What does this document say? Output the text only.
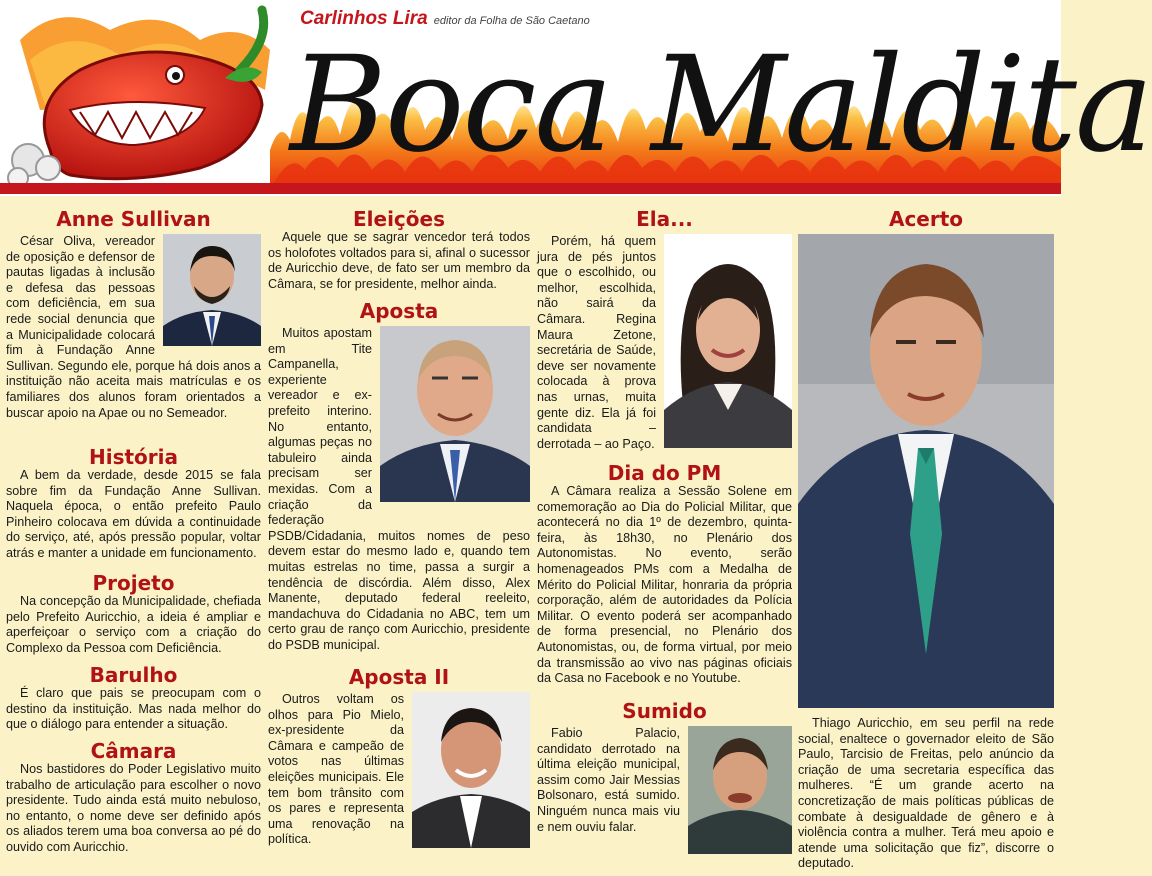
Carlinhos Lira editor da Folha de São Caetano
Boca Maldita
Anne Sullivan
César Oliva, vereador de oposição e defensor de pautas ligadas à inclusão e defesa das pessoas com deficiência, em sua rede social denuncia que a Municipalidade colocará fim à Fundação Anne Sullivan. Segundo ele, porque há dois anos a instituição não aceita mais matrículas e os familiares dos alunos foram orientados a buscar apoio na Apae ou no Semeador.
História
A bem da verdade, desde 2015 se fala sobre fim da Fundação Anne Sullivan. Naquela época, o então prefeito Paulo Pinheiro colocava em dúvida a continuidade do serviço, até, após pressão popular, voltar atrás e manter a unidade em funcionamento.
Projeto
Na concepção da Municipalidade, chefiada pelo Prefeito Auricchio, a ideia é ampliar e aperfeiçoar o serviço com a criação do Complexo da Pessoa com Deficiência.
Barulho
É claro que pais se preocupam com o destino da instituição. Mas nada melhor do que o diálogo para entender a situação.
Câmara
Nos bastidores do Poder Legislativo muito trabalho de articulação para escolher o novo presidente. Tudo ainda está muito nebuloso, no entanto, o nome deve ser definido após os aliados terem uma boa conversa ao pé do ouvido com Auricchio.
Eleições
Aquele que se sagrar vencedor terá todos os holofotes voltados para si, afinal o sucessor de Auricchio deve, de fato ser um membro da Câmara, se for presidente, melhor ainda.
Aposta
Muitos apostam em Tite Campanella, experiente vereador e ex-prefeito interino. No entanto, algumas peças no tabuleiro ainda precisam ser mexidas. Com a criação da federação
PSDB/Cidadania, muitos nomes de peso devem estar do mesmo lado e, quando tem muitas estrelas no time, passa a surgir a tendência de discórdia. Além disso, Alex Manente, deputado federal reeleito, mandachuva do Cidadania no ABC, tem um certo grau de ranço com Auricchio, presidente do PSDB municipal.
Aposta II
Outros voltam os olhos para Pio Mielo, ex-presidente da Câmara e campeão de votos nas últimas eleições municipais. Ele tem bom trânsito com os pares e representa uma renovação na política.
Ela...
Porém, há quem jura de pés juntos que o escolhido, ou melhor, escolhida, não sairá da Câmara. Regina Maura Zetone, secretária de Saúde, deve ser novamente colocada à prova nas urnas, muita gente diz. Ela já foi candidata – derrotada – ao Paço.
Dia do PM
A Câmara realiza a Sessão Solene em comemoração ao Dia do Policial Militar, que acontecerá no dia 1º de dezembro, quinta-feira, às 18h30, no Plenário dos Autonomistas. No evento, serão homenageados PMs com a Medalha de Mérito do Policial Militar, honraria da própria corporação, além de autoridades da Polícia Militar. O evento poderá ser acompanhado de forma presencial, no Plenário dos Autonomistas, ou, de forma virtual, por meio da transmissão ao vivo nas páginas oficiais da Casa no Facebook e no Youtube.
Sumido
Fabio Palacio, candidato derrotado na última eleição municipal, assim como Jair Messias Bolsonaro, está sumido. Ninguém nunca mais viu e nem ouviu falar.
Acerto
Thiago Auricchio, em seu perfil na rede social, enaltece o governador eleito de São Paulo, Tarcisio de Freitas, pelo anúncio da criação de uma secretaria específica das mulheres. “É um grande acerto na concretização de mais políticas públicas de combate à desigualdade de gênero e à violência contra a mulher. Terá meu apoio e atende uma solicitação que fiz”, discorre o deputado.
